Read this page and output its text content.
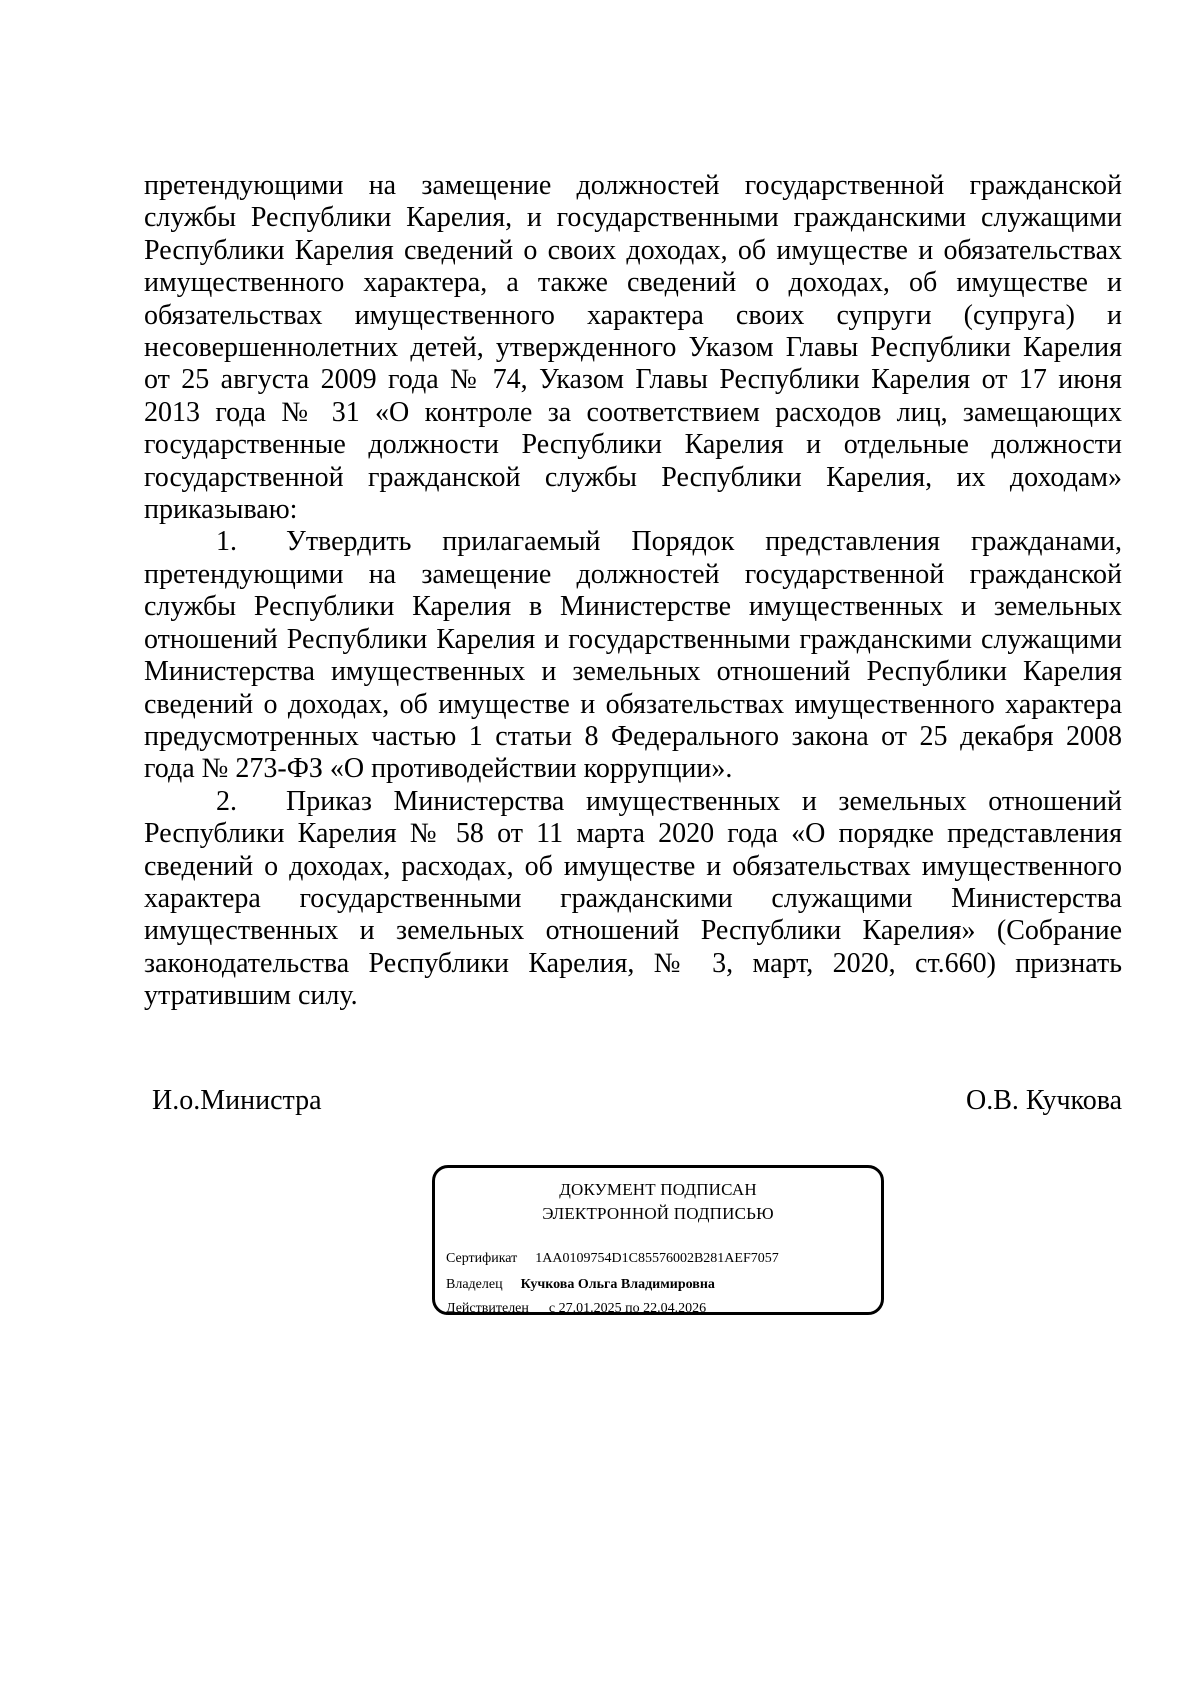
претендующими на замещение должностей государственной гражданской службы Республики Карелия, и государственными гражданскими служащими Республики Карелия сведений о своих доходах, об имуществе и обязательствах имущественного характера, а также сведений о доходах, об имуществе и обязательствах имущественного характера своих супруги (супруга) и несовершеннолетних детей, утвержденного Указом Главы Республики Карелия от 25 августа 2009 года № 74, Указом Главы Республики Карелия от 17 июня 2013 года № 31 «О контроле за соответствием расходов лиц, замещающих государственные должности Республики Карелия и отдельные должности государственной гражданской службы Республики Карелия, их доходам» приказываю:

1. Утвердить прилагаемый Порядок представления гражданами, претендующими на замещение должностей государственной гражданской службы Республики Карелия в Министерстве имущественных и земельных отношений Республики Карелия и государственными гражданскими служащими Министерства имущественных и земельных отношений Республики Карелия сведений о доходах, об имуществе и обязательствах имущественного характера предусмотренных частью 1 статьи 8 Федерального закона от 25 декабря 2008 года № 273-ФЗ «О противодействии коррупции».

2. Приказ Министерства имущественных и земельных отношений Республики Карелия № 58 от 11 марта 2020 года «О порядке представления сведений о доходах, расходах, об имуществе и обязательствах имущественного характера государственными гражданскими служащими Министерства имущественных и земельных отношений Республики Карелия» (Собрание законодательства Республики Карелия, № 3, март, 2020, ст.660) признать утратившим силу.

И.о.Министра	О.В. Кучкова
ДОКУМЕНТ ПОДПИСАН
ЭЛЕКТРОННОЙ ПОДПИСЬЮ
Сертификат 1AA0109754D1C85576002B281AEF7057
Владелец Кучкова Ольга Владимировна
Действителен с 27.01.2025 по 22.04.2026
